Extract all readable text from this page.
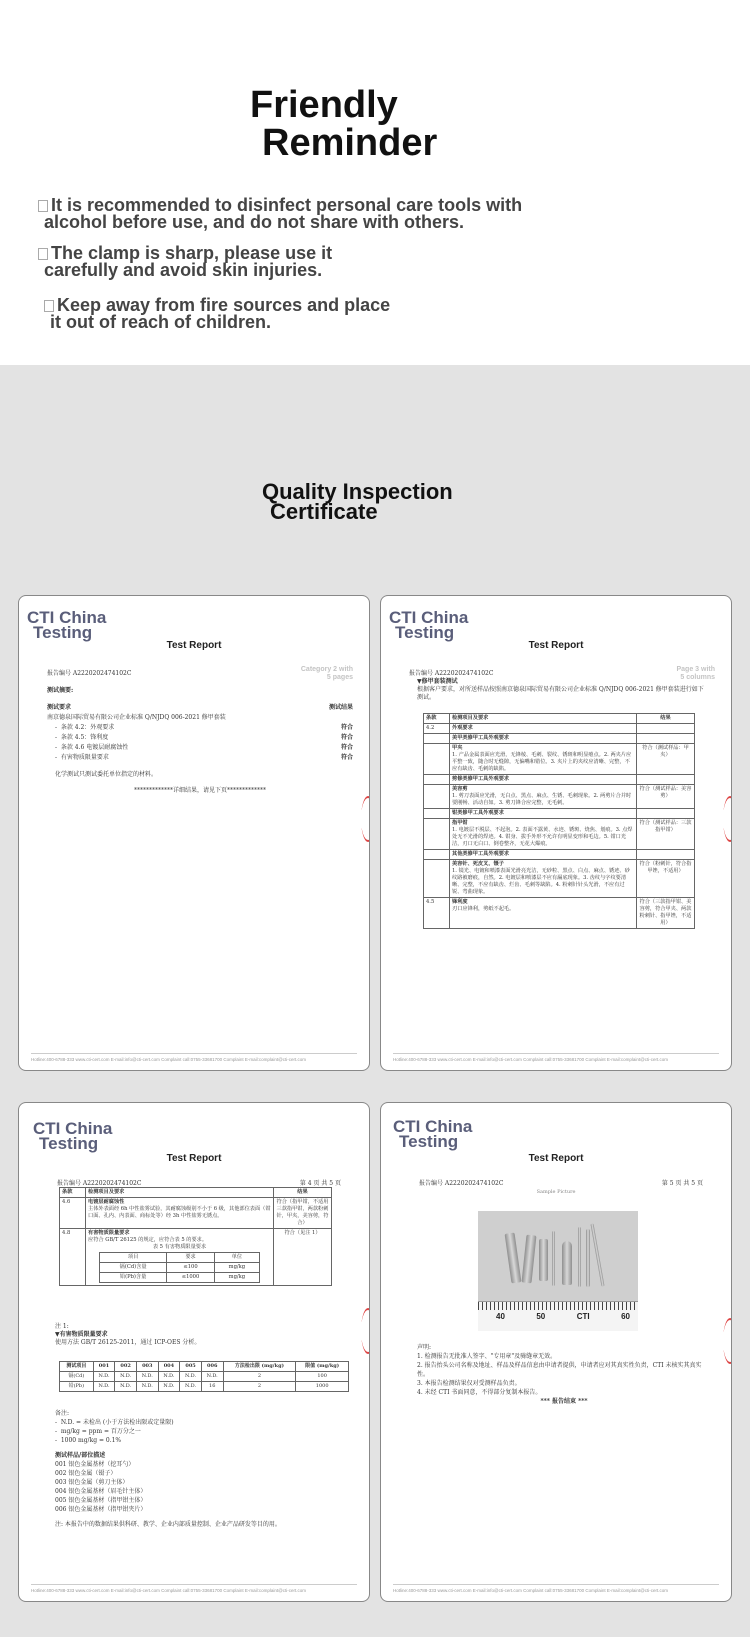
Friendly
Reminder

It is recommended to disinfect personal care tools with
alcohol before use, and do not share with others.

The clamp is sharp, please use it
carefully and avoid skin injuries.

Keep away from fire sources and place
it out of reach of children.

Quality Inspection
Certificate
CTI China
Testing
Test Report
Category 2 with
5 pages
报告编号 A2220202474102C
测试摘要:
测试要求	测试结果
南京德泉国际贸易有限公司企业标准 Q/NJDQ 006-2021 修甲套装
-  条款 4.2：外观要求	符合
-  条款 4.5：锋利度	符合
-  条款 4.6 电镀层耐腐蚀性	符合
-  有害物质限量要求	符合
化学测试只测试委托单位指定的材料。
*************详细结果，请见下页*************
Hotline:400-6788-333 www.cti-cert.com E-mail:info@cti-cert.com Complaint call:0755-33681700 Complaint E-mail:complaint@cti-cert.com
CTI China
Testing
Test Report
Page 3 with
5 columns
报告编号 A2220202474102C
▼修甲套装测试
根据客户要求，对所送样品按照南京德泉国际贸易有限公司企业标准 Q/NJDQ 006-2021 修甲套装进行如下测试。
条款	检测项目及要求	结果
4.2	外观要求	
	美甲类修甲工具外观要求	

	甲夹
1. 产品金属表面应光滑，无锋棱、毛刺、裂纹、锈斑和明显瘪点。2. 两夹片应平整一致，随合时无缝隙，无偏嘴和错位。3. 夹片上的夹纹应清晰、完整，不应有缺齿、毛刺的缺陷。	符合（测试样品：甲夹）
	剪修类修甲工具外观要求	

	美容剪
1. 剪刀表面应光滑，无白点、黑点、麻点、生锈、毛刺现象。2. 两剪片合并时要刚畅、活动自如。3. 剪刀锋合应完整，无毛刺。	符合（测试样品：美容剪）
	钳类修甲工具外观要求	

	指甲钳
1. 电镀层不脱层、不起泡。2. 表面不露黄、水迹、锈斑、烧焦、划痕。3. 点焊处无不光滑的焊迹。4. 钳身、拔手外形不允许有明显变形和毛边。5. 钳口光洁，刃口无白口、倒卷整齐，无花大爆痕。	符合（测试样品：三款指甲钳）
	其他类修甲工具外观要求	

	美容针、死皮叉、镊子
1. 镜光、电镀和喷漆表面光滑亮光洁，无砂粒、黑点、白点、麻点、锈迹、砂纹路被磨痕，自然。2. 电镀层和喷漆层不应有漏底现象。3. 齿纹与字纹要清晰、完整，不应有缺齿、烂齿、毛刺等缺陷。4. 粉刺针针头光滑，不应有过锐、弯曲现象。	符合（粉刺针，符合指甲锉，不适用）
4.5	锋利度
刃口应锋利，剪纸不起毛。	符合（三款指甲钳、美容剪，符合甲夹、两款粉刺针、指甲锉，不适用）
Hotline:400-6788-333 www.cti-cert.com E-mail:info@cti-cert.com Complaint call:0755-33681700 Complaint E-mail:complaint@cti-cert.com
CTI China
Testing
Test Report
报告编号 A2220202474102C	第 4 页 共 5 页
条款	检测项目及要求	结果
4.6	电镀层耐腐蚀性
主体外表面经 6h 中性盐雾试验，其耐腐蚀级别不小于 6 级，其他部位表面（钳口面、孔内、内表面、商标处等）经 3h 中性盐雾无锈点。
	符合（指甲钳，不适用三款指甲钳，两款粉刺针，甲夹，美容剪，符合）
4.8	有害物质限量要求
应符合 GB/T 26125 的规定，应符合表 5 的要求。
表 5 有害物质限量要求
项目	要求	单位
镉(Cd)含量	≤100	mg/kg
铅(Pb)含量	≤1000	mg/kg
	符合（见注 1）
注 1:
▼有害物质限量要求
使用方法 GB/T 26125-2011，通过 ICP-OES 分析。
测试项目	001	002	003	004	005	006	方法检出限 (mg/kg)	限值 (mg/kg)
镉(Cd)	N.D.	N.D.	N.D.	N.D.	N.D.	N.D.	2	100
铅(Pb)	N.D.	N.D.	N.D.	N.D.	N.D.	16	2	1000
备注:
-  N.D. = 未检出 (小于方法检出限或定量限)
-  mg/kg = ppm = 百万分之一
-  1000 mg/kg = 0.1%
测试样品/部位描述
001 银色金属基材（挖耳勺）
002 银色金属（镊子）
003 银色金属（剪刀主体）
004 银色金属基材（眉毛针主体）
005 银色金属基材（指甲钳主体）
006 银色金属基材（指甲钳夹片）
注: 本报告中的数据结果供科研、教学、企业内部质量控制、企业产品研发等目的用。
Hotline:400-6788-333 www.cti-cert.com E-mail:info@cti-cert.com Complaint call:0755-33681700 Complaint E-mail:complaint@cti-cert.com
CTI China
Testing
Test Report
报告编号 A2220202474102C	第 5 页 共 5 页
Sample Picture
40	50	CTI	60
声明:
1. 检测报告无批准人签字、"专用章"及骑缝章无效。
2. 报告抬头公司名称及地址、样品及样品信息由申请者提供，申请者应对其真实性负责，CTI 未核实其真实性。
3. 本报告检测结果仅对受测样品负责。
4. 未经 CTI 书面同意，不得部分复制本报告。
*** 报告结束 ***
Hotline:400-6788-333 www.cti-cert.com E-mail:info@cti-cert.com Complaint call:0755-33681700 Complaint E-mail:complaint@cti-cert.com
